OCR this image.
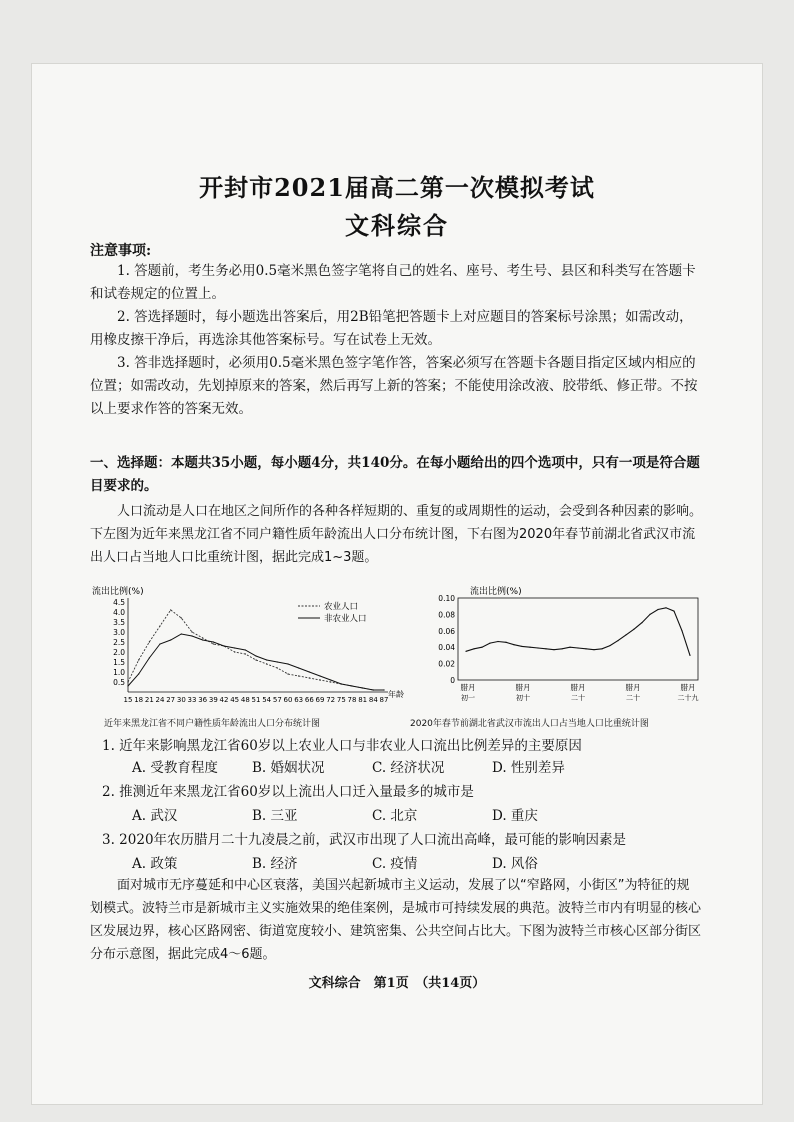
开封市2021届高二第一次模拟考试
文科综合
注意事项:
1. 答题前，考生务必用0.5毫米黑色签字笔将自己的姓名、座号、考生号、县区和科类写在答题卡和试卷规定的位置上。
2. 答选择题时，每小题选出答案后，用2B铅笔把答题卡上对应题目的答案标号涂黑；如需改动，用橡皮擦干净后，再选涂其他答案标号。写在试卷上无效。
3. 答非选择题时，必须用0.5毫米黑色签字笔作答，答案必须写在答题卡各题目指定区域内相应的位置；如需改动，先划掉原来的答案，然后再写上新的答案；不能使用涂改液、胶带纸、修正带。不按以上要求作答的答案无效。
一、选择题：本题共35小题，每小题4分，共140分。在每小题给出的四个选项中，只有一项是符合题目要求的。
人口流动是人口在地区之间所作的各种各样短期的、重复的或周期性的运动，会受到各种因素的影响。下左图为近年来黑龙江省不同户籍性质年龄流出人口分布统计图，下右图为2020年春节前湖北省武汉市流出人口占当地人口比重统计图，据此完成1~3题。
流出比例(%)
4.5
4.0
3.5
3.0
2.5
2.0
1.5
1.0
0.5
15 18 21 24 27 30 33 36 39 42 45 48 51 54 57 60 63 66 69 72 75 78 81 84 87
年龄
农业人口
非农业人口
近年来黑龙江省不同户籍性质年龄流出人口分布统计图
流出比例(%)
0.10
0.08
0.06
0.04
0.02
0
腊月
初一
腊月
初十
腊月
二十
腊月
二十
腊月
二十九
2020年春节前湖北省武汉市流出人口占当地人口比重统计图
1. 近年来影响黑龙江省60岁以上农业人口与非农业人口流出比例差异的主要原因
A. 受教育程度	B. 婚姻状况	C. 经济状况	D. 性别差异
2. 推测近年来黑龙江省60岁以上流出人口迁入量最多的城市是
A. 武汉	B. 三亚	C. 北京	D. 重庆
3. 2020年农历腊月二十九凌晨之前，武汉市出现了人口流出高峰，最可能的影响因素是
A. 政策	B. 经济	C. 疫情	D. 风俗
面对城市无序蔓延和中心区衰落，美国兴起新城市主义运动，发展了以“窄路网，小街区”为特征的规划模式。波特兰市是新城市主义实施效果的绝佳案例，是城市可持续发展的典范。波特兰市内有明显的核心区发展边界，核心区路网密、街道宽度较小、建筑密集、公共空间占比大。下图为波特兰市核心区部分街区分布示意图，据此完成4～6题。
文科综合　第1页　（共14页）
